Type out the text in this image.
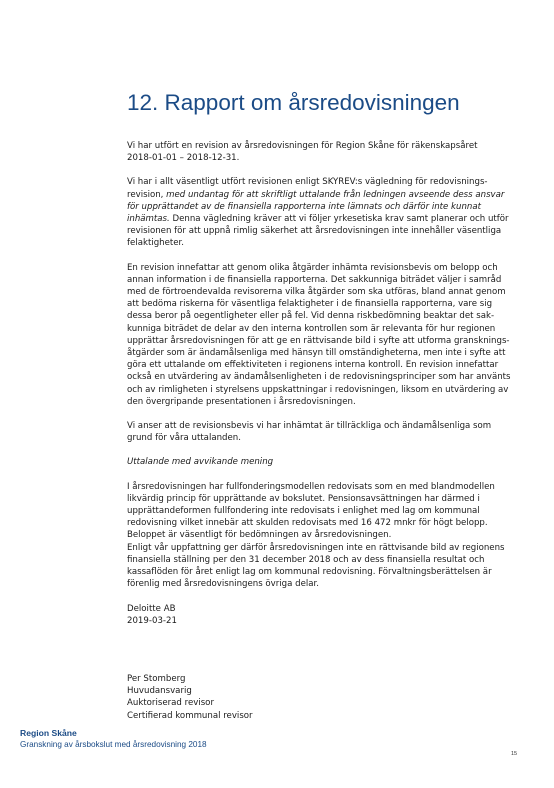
12. Rapport om årsredovisningen

Vi har utfört en revision av årsredovisningen för Region Skåne för räkenskapsåret
2018-01-01 – 2018-12-31.

Vi har i allt väsentligt utfört revisionen enligt SKYREV:s vägledning för redovisnings-
revision, med undantag för att skriftligt uttalande från ledningen avseende dess ansvar
för upprättandet av de finansiella rapporterna inte lämnats och därför inte kunnat
inhämtas. Denna vägledning kräver att vi följer yrkesetiska krav samt planerar och utför
revisionen för att uppnå rimlig säkerhet att årsredovisningen inte innehåller väsentliga
felaktigheter.

En revision innefattar att genom olika åtgärder inhämta revisionsbevis om belopp och
annan information i de finansiella rapporterna. Det sakkunniga biträdet väljer i samråd
med de förtroendevalda revisorerna vilka åtgärder som ska utföras, bland annat genom
att bedöma riskerna för väsentliga felaktigheter i de finansiella rapporterna, vare sig
dessa beror på oegentligheter eller på fel. Vid denna riskbedömning beaktar det sak-
kunniga biträdet de delar av den interna kontrollen som är relevanta för hur regionen
upprättar årsredovisningen för att ge en rättvisande bild i syfte att utforma gransknings-
åtgärder som är ändamålsenliga med hänsyn till omständigheterna, men inte i syfte att
göra ett uttalande om effektiviteten i regionens interna kontroll. En revision innefattar
också en utvärdering av ändamålsenligheten i de redovisningsprinciper som har använts
och av rimligheten i styrelsens uppskattningar i redovisningen, liksom en utvärdering av
den övergripande presentationen i årsredovisningen.

Vi anser att de revisionsbevis vi har inhämtat är tillräckliga och ändamålsenliga som
grund för våra uttalanden.

Uttalande med avvikande mening

I årsredovisningen har fullfonderingsmodellen redovisats som en med blandmodellen
likvärdig princip för upprättande av bokslutet. Pensionsavsättningen har därmed i
upprättandeformen fullfondering inte redovisats i enlighet med lag om kommunal
redovisning vilket innebär att skulden redovisats med 16 472 mnkr för högt belopp.
Beloppet är väsentligt för bedömningen av årsredovisningen.
Enligt vår uppfattning ger därför årsredovisningen inte en rättvisande bild av regionens
finansiella ställning per den 31 december 2018 och av dess finansiella resultat och
kassaflöden för året enligt lag om kommunal redovisning. Förvaltningsberättelsen är
förenlig med årsredovisningens övriga delar.

Deloitte AB
2019-03-21

Per Stomberg
Huvudansvarig
Auktoriserad revisor
Certifierad kommunal revisor

Region Skåne
Granskning av årsbokslut med årsredovisning 2018
15
